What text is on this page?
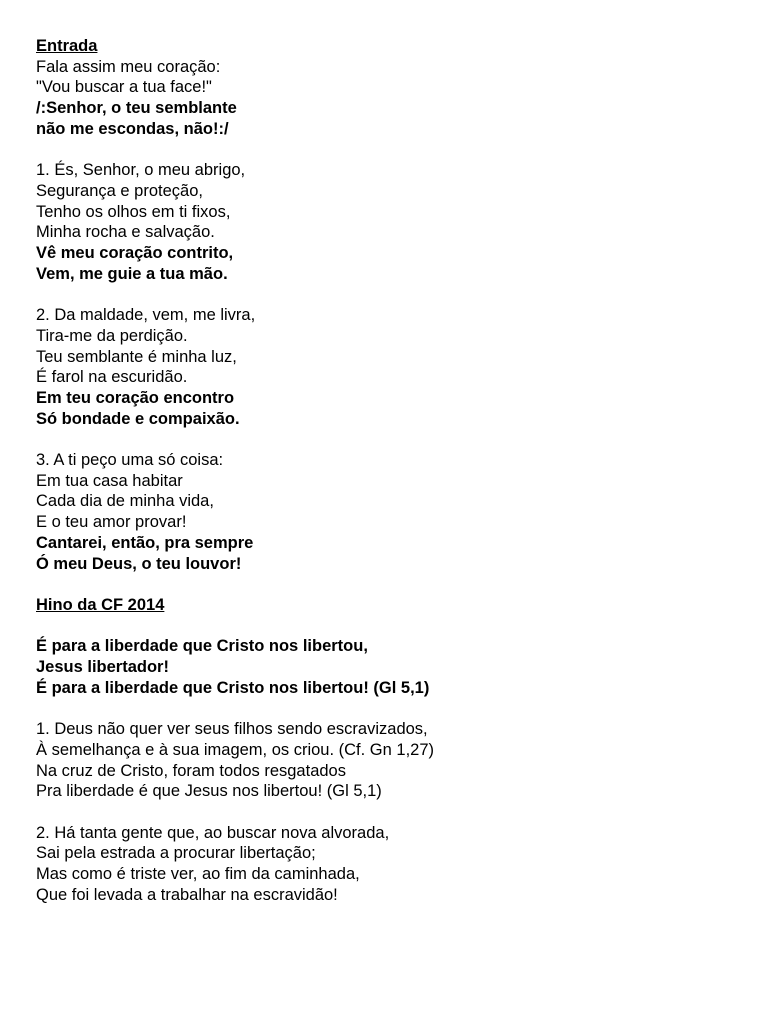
Entrada
Fala assim meu coração:
"Vou buscar a tua face!"
/:Senhor, o teu semblante
não me escondas, não!:/
1. És, Senhor, o meu abrigo,
Segurança e proteção,
Tenho os olhos em ti fixos,
Minha rocha e salvação.
Vê meu coração contrito,
Vem, me guie a tua mão.
2. Da maldade, vem, me livra,
Tira-me da perdição.
Teu semblante é minha luz,
É farol na escuridão.
Em teu coração encontro
Só bondade e compaixão.
3. A ti peço uma só coisa:
Em tua casa habitar
Cada dia de minha vida,
E o teu amor provar!
Cantarei, então, pra sempre
Ó meu Deus, o teu louvor!
Hino da CF 2014
É para a liberdade que Cristo nos libertou,
Jesus libertador!
É para a liberdade que Cristo nos libertou! (Gl 5,1)
1. Deus não quer ver seus filhos sendo escravizados,
À semelhança e à sua imagem, os criou. (Cf. Gn 1,27)
Na cruz de Cristo, foram todos resgatados
Pra liberdade é que Jesus nos libertou! (Gl 5,1)
2. Há tanta gente que, ao buscar nova alvorada,
Sai pela estrada a procurar libertação;
Mas como é triste ver, ao fim da caminhada,
Que foi levada a trabalhar na escravidão!
